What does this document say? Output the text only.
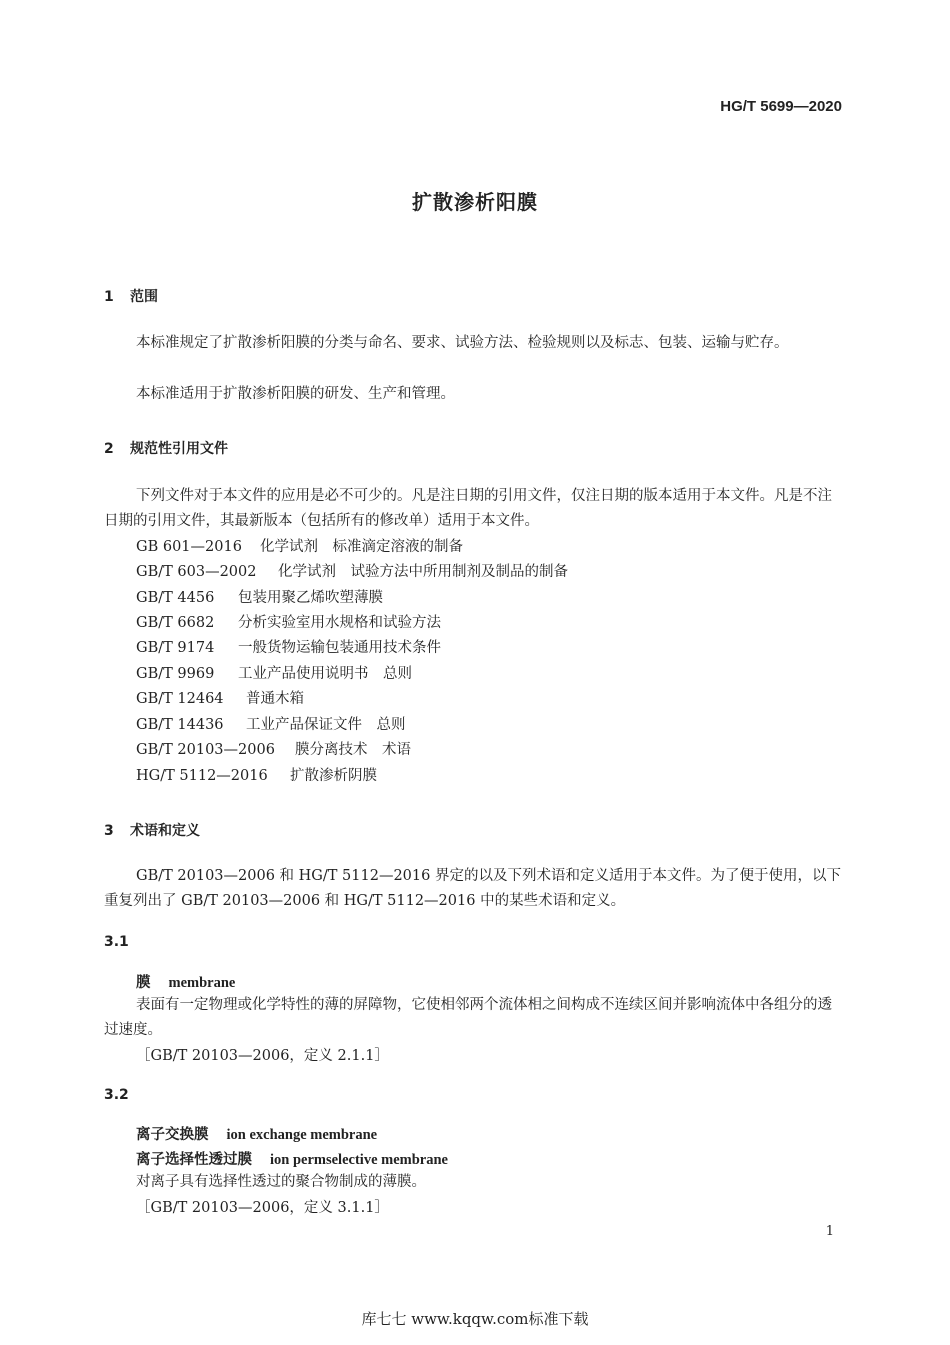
HG/T 5699—2020
扩散渗析阳膜
1 范围
本标准规定了扩散渗析阳膜的分类与命名、要求、试验方法、检验规则以及标志、包装、运输与贮存。
本标准适用于扩散渗析阳膜的研发、生产和管理。
2 规范性引用文件
下列文件对于本文件的应用是必不可少的。凡是注日期的引用文件，仅注日期的版本适用于本文件。凡是不注日期的引用文件，其最新版本（包括所有的修改单）适用于本文件。
GB 601—2016 化学试剂　标准滴定溶液的制备
GB/T 603—2002 化学试剂　试验方法中所用制剂及制品的制备
GB/T 4456 包装用聚乙烯吹塑薄膜
GB/T 6682 分析实验室用水规格和试验方法
GB/T 9174 一般货物运输包装通用技术条件
GB/T 9969 工业产品使用说明书　总则
GB/T 12464 普通木箱
GB/T 14436 工业产品保证文件　总则
GB/T 20103—2006 膜分离技术　术语
HG/T 5112—2016 扩散渗析阴膜
3 术语和定义
GB/T 20103—2006 和 HG/T 5112—2016 界定的以及下列术语和定义适用于本文件。为了便于使用，以下重复列出了 GB/T 20103—2006 和 HG/T 5112—2016 中的某些术语和定义。
3.1
膜 membrane
表面有一定物理或化学特性的薄的屏障物，它使相邻两个流体相之间构成不连续区间并影响流体中各组分的透过速度。
［GB/T 20103—2006，定义 2.1.1］
3.2
离子交换膜 ion exchange membrane
离子选择性透过膜 ion permselective membrane
对离子具有选择性透过的聚合物制成的薄膜。
［GB/T 20103—2006，定义 3.1.1］
1
库七七 www.kqqw.com标准下载
